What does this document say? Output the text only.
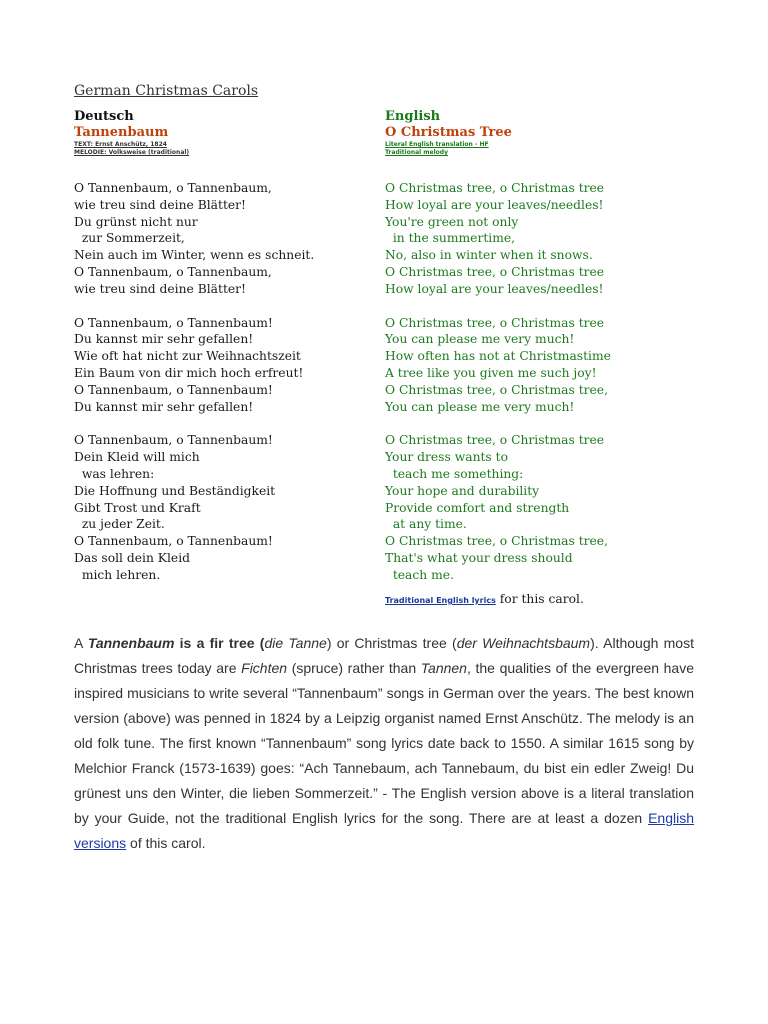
German Christmas Carols
Deutsch
Tannenbaum
TEXT: Ernst Anschütz, 1824
MELODIE: Volksweise (traditional)
O Tannenbaum, o Tannenbaum,
wie treu sind deine Blätter!
Du grünst nicht nur
zur Sommerzeit,
Nein auch im Winter, wenn es schneit.
O Tannenbaum, o Tannenbaum,
wie treu sind deine Blätter!
O Tannenbaum, o Tannenbaum!
Du kannst mir sehr gefallen!
Wie oft hat nicht zur Weihnachtszeit
Ein Baum von dir mich hoch erfreut!
O Tannenbaum, o Tannenbaum!
Du kannst mir sehr gefallen!
O Tannenbaum, o Tannenbaum!
Dein Kleid will mich
was lehren:
Die Hoffnung und Beständigkeit
Gibt Trost und Kraft
zu jeder Zeit.
O Tannenbaum, o Tannenbaum!
Das soll dein Kleid
mich lehren.
English
O Christmas Tree
Literal English translation - HF
Traditional melody
O Christmas tree, o Christmas tree
How loyal are your leaves/needles!
You're green not only
in the summertime,
No, also in winter when it snows.
O Christmas tree, o Christmas tree
How loyal are your leaves/needles!
O Christmas tree, o Christmas tree
You can please me very much!
How often has not at Christmastime
A tree like you given me such joy!
O Christmas tree, o Christmas tree,
You can please me very much!
O Christmas tree, o Christmas tree
Your dress wants to
teach me something:
Your hope and durability
Provide comfort and strength
at any time.
O Christmas tree, o Christmas tree,
That's what your dress should
teach me.
Traditional English lyrics for this carol.
A Tannenbaum is a fir tree (die Tanne) or Christmas tree (der Weihnachtsbaum). Although most Christmas trees today are Fichten (spruce) rather than Tannen, the qualities of the evergreen have inspired musicians to write several “Tannenbaum” songs in German over the years. The best known version (above) was penned in 1824 by a Leipzig organist named Ernst Anschütz. The melody is an old folk tune. The first known “Tannenbaum” song lyrics date back to 1550. A similar 1615 song by Melchior Franck (1573-1639) goes: “Ach Tannebaum, ach Tannebaum, du bist ein edler Zweig! Du grünest uns den Winter, die lieben Sommerzeit.” - The English version above is a literal translation by your Guide, not the traditional English lyrics for the song. There are at least a dozen English versions of this carol.
